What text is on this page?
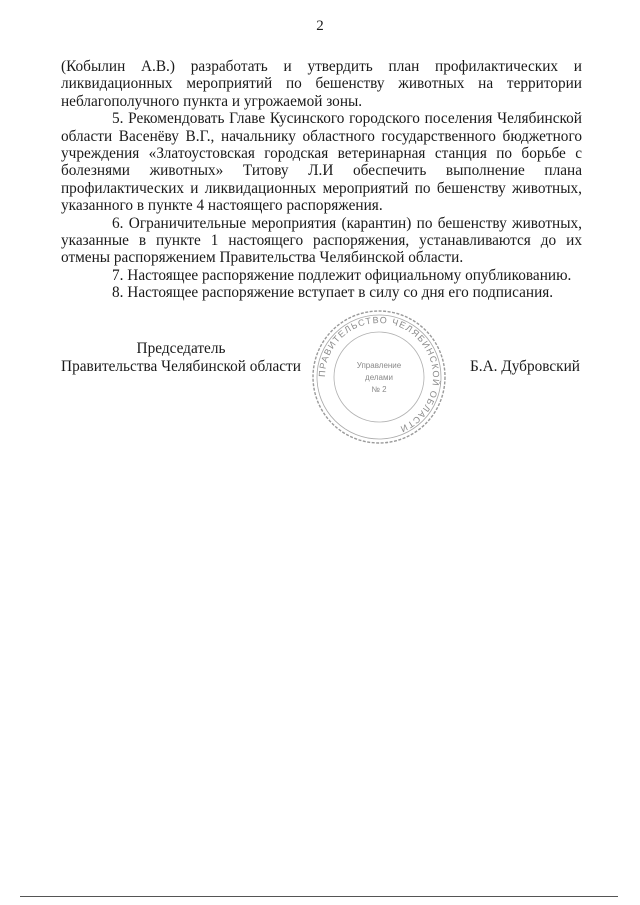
2

(Кобылин А.В.) разработать и утвердить план профилактических и ликвидационных мероприятий по бешенству животных на территории неблагополучного пункта и угрожаемой зоны.

5. Рекомендовать Главе Кусинского городского поселения Челябинской области Васенёву В.Г., начальнику областного государственного бюджетного учреждения «Златоустовская городская ветеринарная станция по борьбе с болезнями животных» Титову Л.И обеспечить выполнение плана профилактических и ликвидационных мероприятий по бешенству животных, указанного в пункте 4 настоящего распоряжения.

6. Ограничительные мероприятия (карантин) по бешенству животных, указанные в пункте 1 настоящего распоряжения, устанавливаются до их отмены распоряжением Правительства Челябинской области.

7. Настоящее распоряжение подлежит официальному опубликованию.

8. Настоящее распоряжение вступает в силу со дня его подписания.

Председатель
Правительства Челябинской области ПРАВИТЕЛЬСТВО ЧЕЛЯБИНСКОЙ ОБЛАСТИ
Управление
делами
№ 2
Б.А. Дубровский
